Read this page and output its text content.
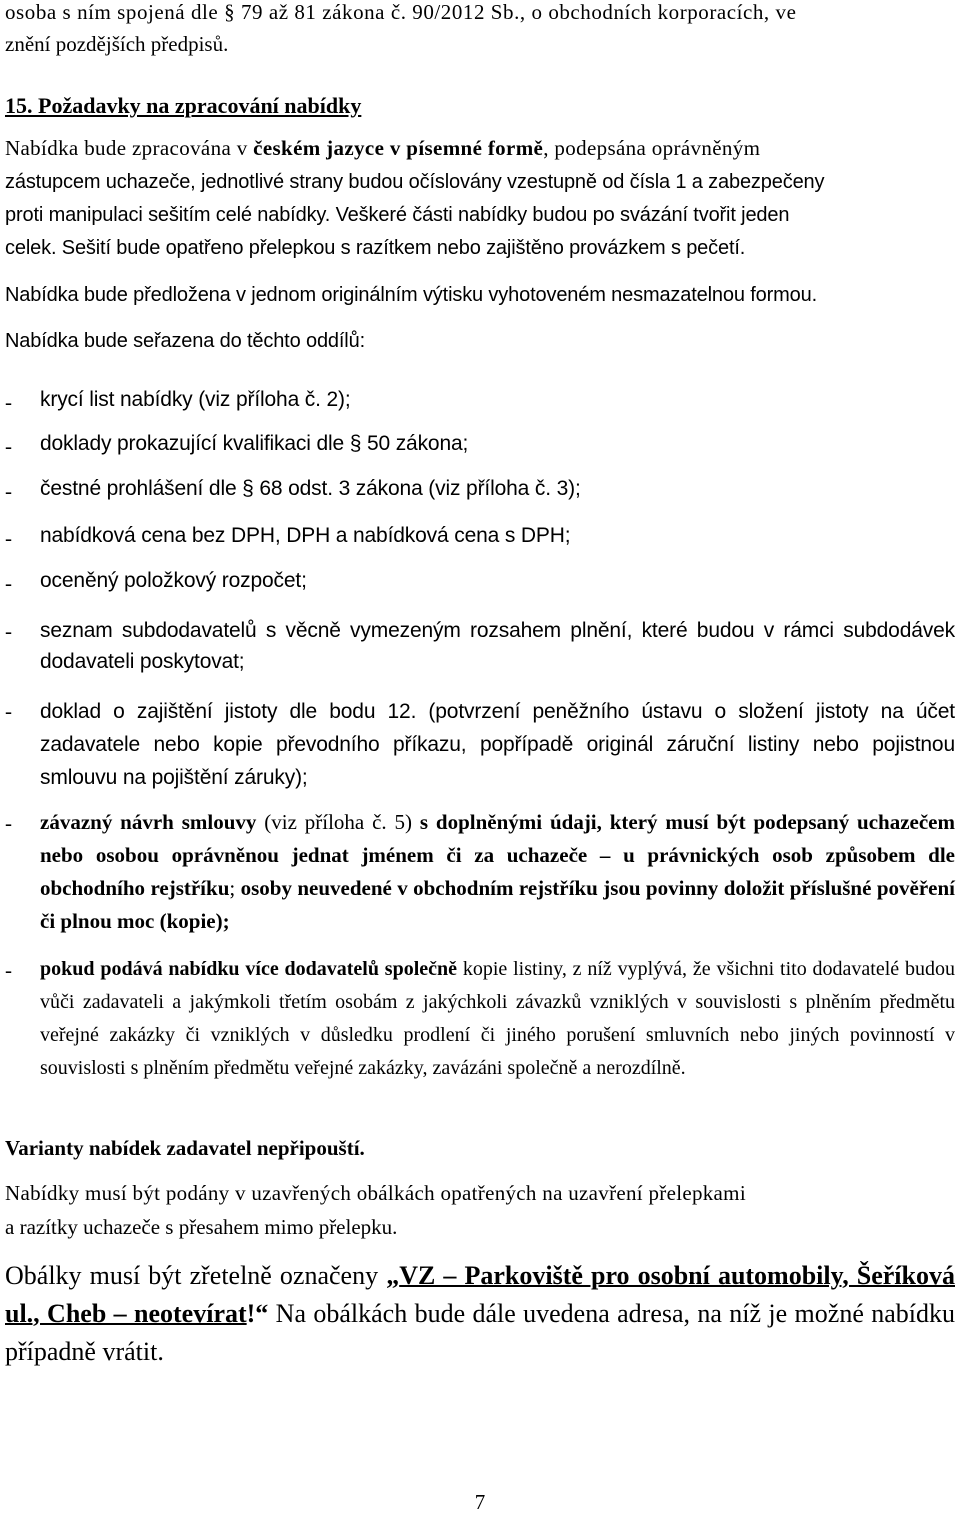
osoba s ním spojená dle § 79 až 81 zákona č. 90/2012 Sb., o obchodních korporacích, ve
znění pozdějších předpisů.
15. Požadavky na zpracování nabídky
Nabídka bude zpracována v českém jazyce v písemné formě, podepsána oprávněným
zástupcem uchazeče, jednotlivé strany budou očíslovány vzestupně od čísla 1 a zabezpečeny
proti manipulaci sešitím celé nabídky. Veškeré části nabídky budou po svázání tvořit jeden
celek. Sešití bude opatřeno přelepkou s razítkem nebo zajištěno provázkem s pečetí.
Nabídka bude předložena v jednom originálním výtisku vyhotoveném nesmazatelnou formou.
Nabídka bude seřazena do těchto oddílů:
- krycí list nabídky (viz příloha č. 2);
- doklady prokazující kvalifikaci dle § 50 zákona;
- čestné prohlášení dle § 68 odst. 3 zákona (viz příloha č. 3);
- nabídková cena bez DPH, DPH a nabídková cena s DPH;
- oceněný položkový rozpočet;
- seznam subdodavatelů s věcně vymezeným rozsahem plnění, které budou v rámci subdodávek dodavateli poskytovat;
- doklad o zajištění jistoty dle bodu 12. (potvrzení peněžního ústavu o složení jistoty na účet zadavatele nebo kopie převodního příkazu, popřípadě originál záruční listiny nebo pojistnou smlouvu na pojištění záruky);
- závazný návrh smlouvy (viz příloha č. 5) s doplněnými údaji, který musí být podepsaný uchazečem nebo osobou oprávněnou jednat jménem či za uchazeče – u právnických osob způsobem dle obchodního rejstříku; osoby neuvedené v obchodním rejstříku jsou povinny doložit příslušné pověření či plnou moc (kopie);
- pokud podává nabídku více dodavatelů společně kopie listiny, z níž vyplývá, že všichni tito dodavatelé budou vůči zadavateli a jakýmkoli třetím osobám z jakýchkoli závazků vzniklých v souvislosti s plněním předmětu veřejné zakázky či vzniklých v důsledku prodlení či jiného porušení smluvních nebo jiných povinností v souvislosti s plněním předmětu veřejné zakázky, zavázáni společně a nerozdílně.
Varianty nabídek zadavatel nepřipouští.
Nabídky musí být podány v uzavřených obálkách opatřených na uzavření přelepkami
a razítky uchazeče s přesahem mimo přelepku.
Obálky musí být zřetelně označeny „VZ – Parkoviště pro osobní automobily, Šeříková ul., Cheb – neotevírat!“ Na obálkách bude dále uvedena adresa, na níž je možné nabídku případně vrátit.
7
